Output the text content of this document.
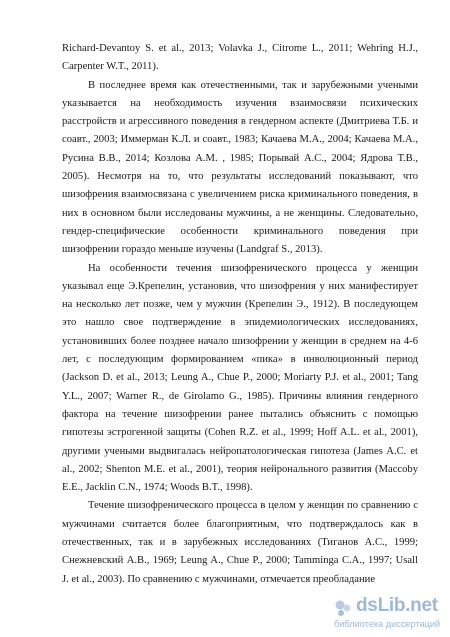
Richard-Devantoy S. et al., 2013; Volavka J., Citrome L., 2011; Wehring H.J., Carpenter W.T., 2011).

В последнее время как отечественными, так и зарубежными учеными указывается на необходимость изучения взаимосвязи психических расстройств и агрессивного поведения в гендерном аспекте (Дмитриева Т.Б. и соавт., 2003; Иммерман К.Л. и соавт., 1983; Качаева М.А., 2004; Качаева М.А., Русина В.В., 2014; Козлова А.М. , 1985; Порывай А.С., 2004; Ядрова Т.В., 2005). Несмотря на то, что результаты исследований показывают, что шизофрения взаимосвязана с увеличением риска криминального поведения, в них в основном были исследованы мужчины, а не женщины. Следовательно, гендер-специфические особенности криминального поведения при шизофрении гораздо меньше изучены (Landgraf S., 2013).

На особенности течения шизофренического процесса у женщин указывал еще Э.Крепелин, установив, что шизофрения у них манифестирует на несколько лет позже, чем у мужчин (Крепелин Э., 1912). В последующем это нашло свое подтверждение в эпидемиологических исследованиях, установивших более позднее начало шизофрении у женщин в среднем на 4-6 лет, с последующим формированием «пика» в инволюционный период (Jackson D. et al., 2013; Leung A., Chue P., 2000; Moriarty P.J. et al., 2001; Tang Y.L., 2007; Warner R., de Girolamo G., 1985). Причины влияния гендерного фактора на течение шизофрении ранее пытались объяснить с помощью гипотезы эстрогенной защиты (Cohen R.Z. et al., 1999; Hoff A.L. et al., 2001), другими учеными выдвигалась нейропатологическая гипотеза (James A.C. et al., 2002; Shenton M.E. et al., 2001), теория нейронального развития (Maccoby E.E., Jacklin C.N., 1974; Woods B.T., 1998).

Течение шизофренического процесса в целом у женщин по сравнению с мужчинами считается более благоприятным, что подтверждалось как в отечественных, так и в зарубежных исследованиях (Тиганов А.С., 1999; Снежневский А.В., 1969; Leung A., Chue P., 2000; Tamminga C.A., 1997; Usall J. et al., 2003). По сравнению с мужчинами, отмечается преобладание

dsLib.net
библиотека диссертаций
